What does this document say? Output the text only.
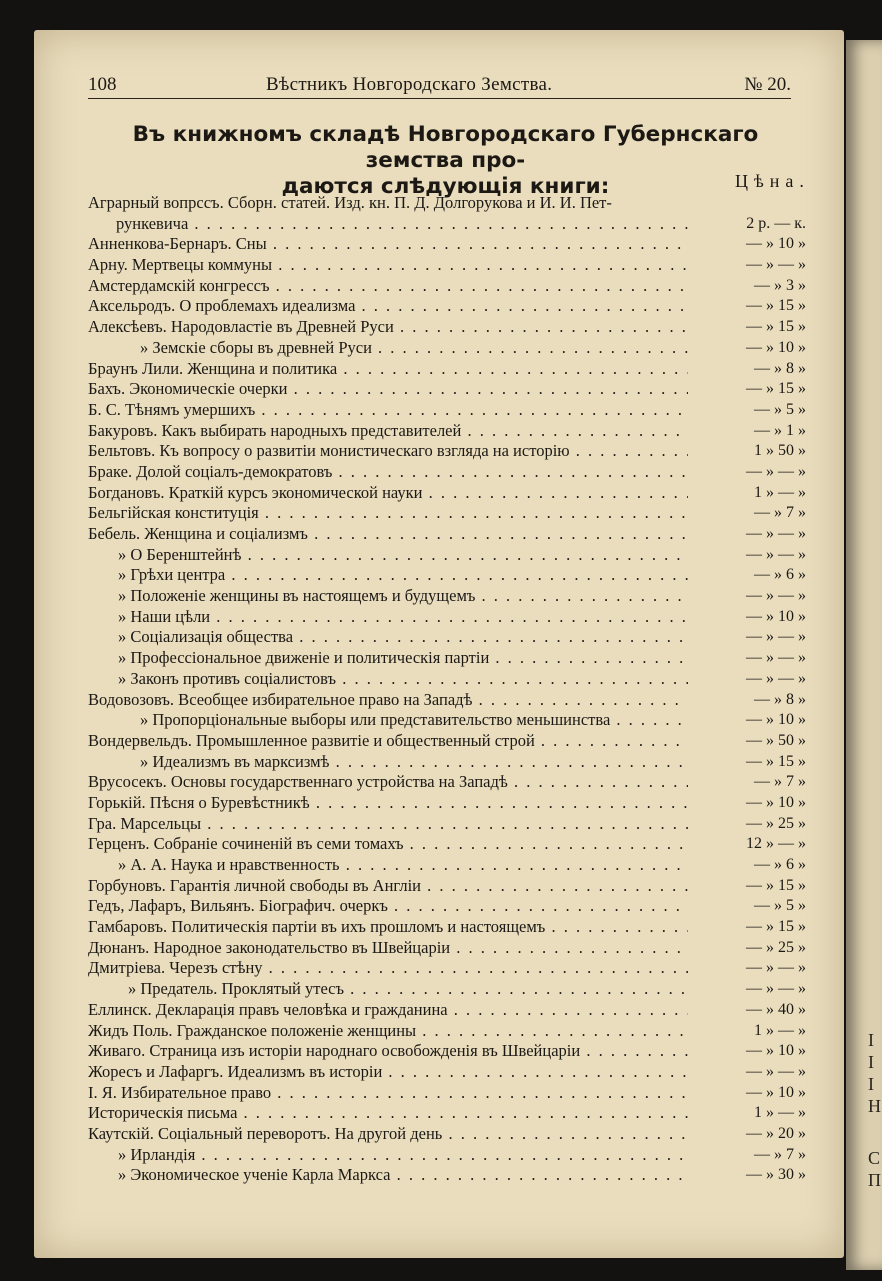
I
I
I
H
C
П
108	Вѣстникъ Новгородскаго Земства.	№ 20.
Въ книжномъ складѣ Новгородскаго Губернскаго земства про-
даются слѣдующія книги:	Цѣна.
Аграрный вопрссъ. Сборн. статей. Изд. кн. П. Д. Долгорукова и И. И. Пет-
рункевича . . .	2 р. — к.
Анненкова-Бернаръ. Сны . . .	— » 10 »
Арну. Мертвецы коммуны . . .	— » — »
Амстердамскій конгрессъ . . .	— » 3 »
Аксельродъ. О проблемахъ идеализма . . .	— » 15 »
Алексѣевъ. Народовластіе въ Древней Руси . . .	— » 15 »
» Земскіе сборы въ древней Руси . . .	— » 10 »
Браунъ Лили. Женщина и политика . . .	— » 8 »
Бахъ. Экономическіе очерки . . .	— » 15 »
Б. С. Тѣнямъ умершихъ . . .	— » 5 »
Бакуровъ. Какъ выбирать народныхъ представителей . . .	— » 1 »
Бельтовъ. Къ вопросу о развитіи монистическаго взгляда на исторію . . .	1 » 50 »
Браке. Долой соціалъ-демократовъ . . .	— » — »
Богдановъ. Краткій курсъ экономической науки . . .	1 » — »
Бельгійская конституція . . .	— » 7 »
Бебель. Женщина и соціализмъ . . .	— » — »
» О Беренштейнѣ . . .	— » — »
» Грѣхи центра . . .	— » 6 »
» Положеніе женщины въ настоящемъ и будущемъ . . .	— » — »
» Наши цѣли . . .	— » 10 »
» Соціализація общества . . .	— » — »
» Профессіональное движеніе и политическія партіи . . .	— » — »
» Законъ противъ соціалистовъ . . .	— » — »
Водовозовъ. Всеобщее избирательное право на Западѣ . . .	— » 8 »
» Пропорціональные выборы или представительство меньшинства . . .	— » 10 »
Вондервельдъ. Промышленное развитіе и общественный строй . . .	— » 50 »
» Идеализмъ въ марксизмѣ . . .	— » 15 »
Врусосекъ. Основы государственнаго устройства на Западѣ . . .	— » 7 »
Горькій. Пѣсня о Буревѣстникѣ . . .	— » 10 »
Гра. Марсельцы . . .	— » 25 »
Герценъ. Собраніе сочиненій въ семи томахъ . . .	12 » — »
» А. А. Наука и нравственность . . .	— » 6 »
Горбуновъ. Гарантія личной свободы въ Англіи . . .	— » 15 »
Гедъ, Лафаръ, Вильянъ. Біографич. очеркъ . . .	— » 5 »
Гамбаровъ. Политическія партіи въ ихъ прошломъ и настоящемъ . . .	— » 15 »
Дюнанъ. Народное законодательство въ Швейцаріи . . .	— » 25 »
Дмитріева. Черезъ стѣну . . .	— » — »
» Предатель. Проклятый утесъ . . .	— » — »
Еллинск. Декларація правъ человѣка и гражданина . . .	— » 40 »
Жидъ Поль. Гражданское положеніе женщины . . .	1 » — »
Живаго. Страница изъ исторіи народнаго освобожденія въ Швейцаріи . . .	— » 10 »
Жоресъ и Лафаргъ. Идеализмъ въ исторіи . . .	— » — »
І. Я. Избирательное право . . .	— » 10 »
Историческія письма . . .	1 » — »
Каутскій. Соціальный переворотъ. На другой день . . .	— » 20 »
» Ирландія . . .	— » 7 »
» Экономическое ученіе Карла Маркса . . .	— » 30 »
